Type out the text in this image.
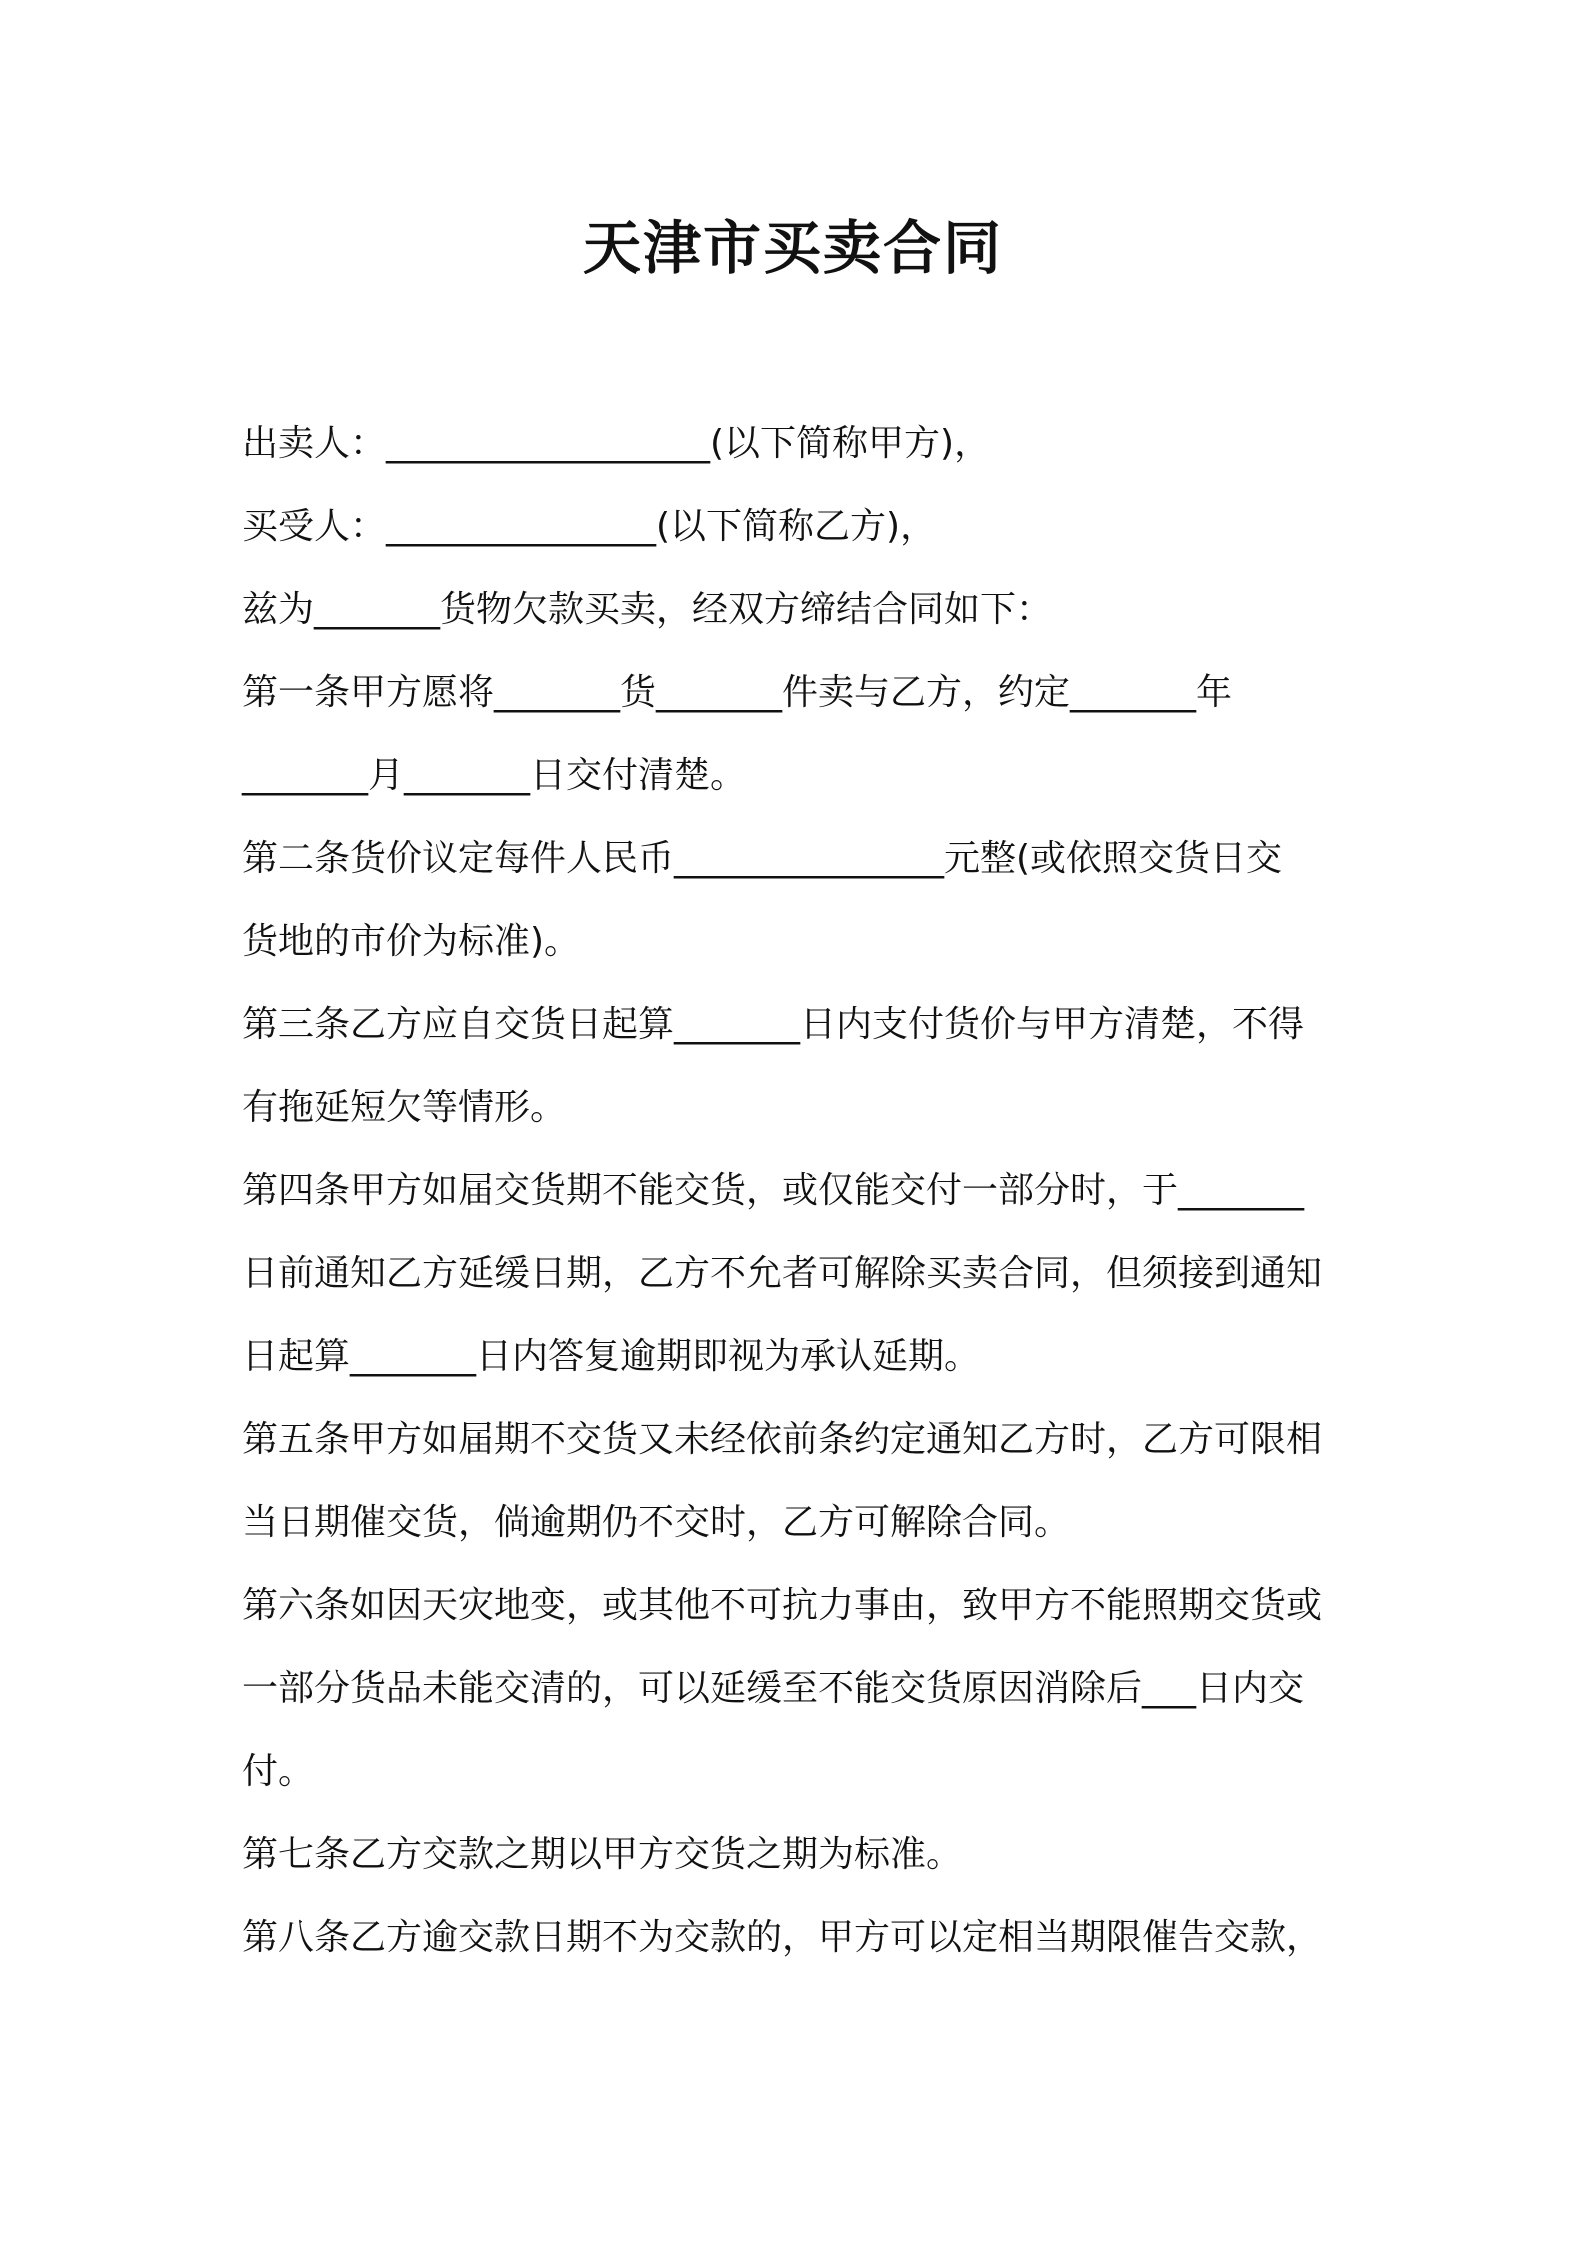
天津市买卖合同
出卖人：__________________(以下简称甲方)，
买受人：_______________(以下简称乙方)，
兹为_______货物欠款买卖，经双方缔结合同如下：
第一条甲方愿将_______货_______件卖与乙方，约定_______年
_______月_______日交付清楚。
第二条货价议定每件人民币_______________元整(或依照交货日交
货地的市价为标准)。
第三条乙方应自交货日起算_______日内支付货价与甲方清楚，不得
有拖延短欠等情形。
第四条甲方如届交货期不能交货，或仅能交付一部分时，于_______
日前通知乙方延缓日期，乙方不允者可解除买卖合同，但须接到通知
日起算_______日内答复逾期即视为承认延期。
第五条甲方如届期不交货又未经依前条约定通知乙方时，乙方可限相
当日期催交货，倘逾期仍不交时，乙方可解除合同。
第六条如因天灾地变，或其他不可抗力事由，致甲方不能照期交货或
一部分货品未能交清的，可以延缓至不能交货原因消除后___日内交
付。
第七条乙方交款之期以甲方交货之期为标准。
第八条乙方逾交款日期不为交款的，甲方可以定相当期限催告交款，
